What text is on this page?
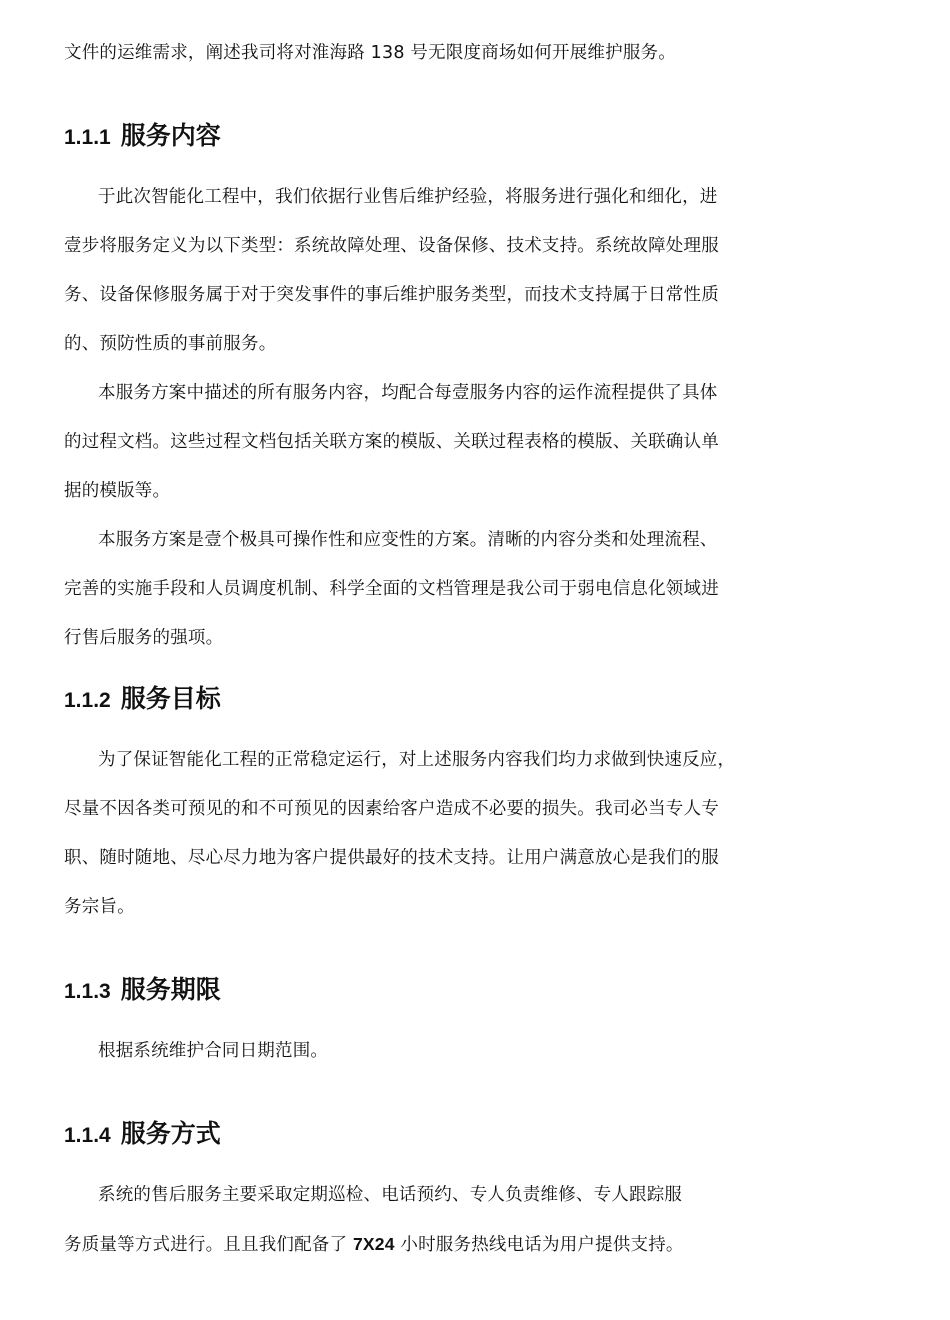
文件的运维需求，阐述我司将对淮海路 138 号无限度商场如何开展维护服务。
1.1.1 服务内容
于此次智能化工程中，我们依据行业售后维护经验，将服务进行强化和细化，进
壹步将服务定义为以下类型：系统故障处理、设备保修、技术支持。系统故障处理服
务、设备保修服务属于对于突发事件的事后维护服务类型，而技术支持属于日常性质
的、预防性质的事前服务。
本服务方案中描述的所有服务内容，均配合每壹服务内容的运作流程提供了具体
的过程文档。这些过程文档包括关联方案的模版、关联过程表格的模版、关联确认单
据的模版等。
本服务方案是壹个极具可操作性和应变性的方案。清晰的内容分类和处理流程、
完善的实施手段和人员调度机制、科学全面的文档管理是我公司于弱电信息化领域进
行售后服务的强项。
1.1.2 服务目标
为了保证智能化工程的正常稳定运行，对上述服务内容我们均力求做到快速反应，
尽量不因各类可预见的和不可预见的因素给客户造成不必要的损失。我司必当专人专
职、随时随地、尽心尽力地为客户提供最好的技术支持。让用户满意放心是我们的服
务宗旨。
1.1.3 服务期限
根据系统维护合同日期范围。
1.1.4 服务方式
系统的售后服务主要采取定期巡检、电话预约、专人负责维修、专人跟踪服
务质量等方式进行。且且我们配备了 7X24 小时服务热线电话为用户提供支持。
